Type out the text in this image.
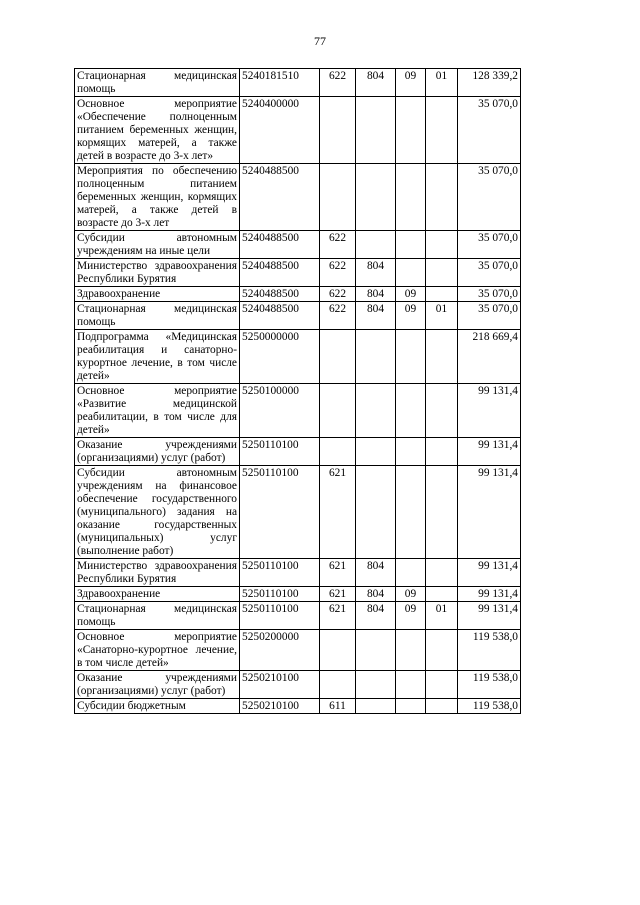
77
Стационарная медицинская помощь	5240181510	622	804	09	01	128 339,2
Основное мероприятие «Обеспечение полноценным питанием беременных женщин, кормящих матерей, а также детей в возрасте до 3-х лет»	5240400000					35 070,0
Мероприятия по обеспечению полноценным питанием беременных женщин, кормящих матерей, а также детей в возрасте до 3-х лет	5240488500					35 070,0
Субсидии автономным учреждениям на иные цели	5240488500	622				35 070,0
Министерство здравоохранения Республики Бурятия	5240488500	622	804			35 070,0
Здравоохранение	5240488500	622	804	09		35 070,0
Стационарная медицинская помощь	5240488500	622	804	09	01	35 070,0
Подпрограмма «Медицинская реабилитация и санаторно-курортное лечение, в том числе детей»	5250000000					218 669,4
Основное мероприятие «Развитие медицинской реабилитации, в том числе для детей»	5250100000					99 131,4
Оказание учреждениями (организациями) услуг (работ)	5250110100					99 131,4
Субсидии автономным учреждениям на финансовое обеспечение государственного (муниципального) задания на оказание государственных (муниципальных) услуг (выполнение работ)	5250110100	621				99 131,4
Министерство здравоохранения Республики Бурятия	5250110100	621	804			99 131,4
Здравоохранение	5250110100	621	804	09		99 131,4
Стационарная медицинская помощь	5250110100	621	804	09	01	99 131,4
Основное мероприятие «Санаторно-курортное лечение, в том числе детей»	5250200000					119 538,0
Оказание учреждениями (организациями) услуг (работ)	5250210100					119 538,0
Субсидии бюджетным	5250210100	611				119 538,0
